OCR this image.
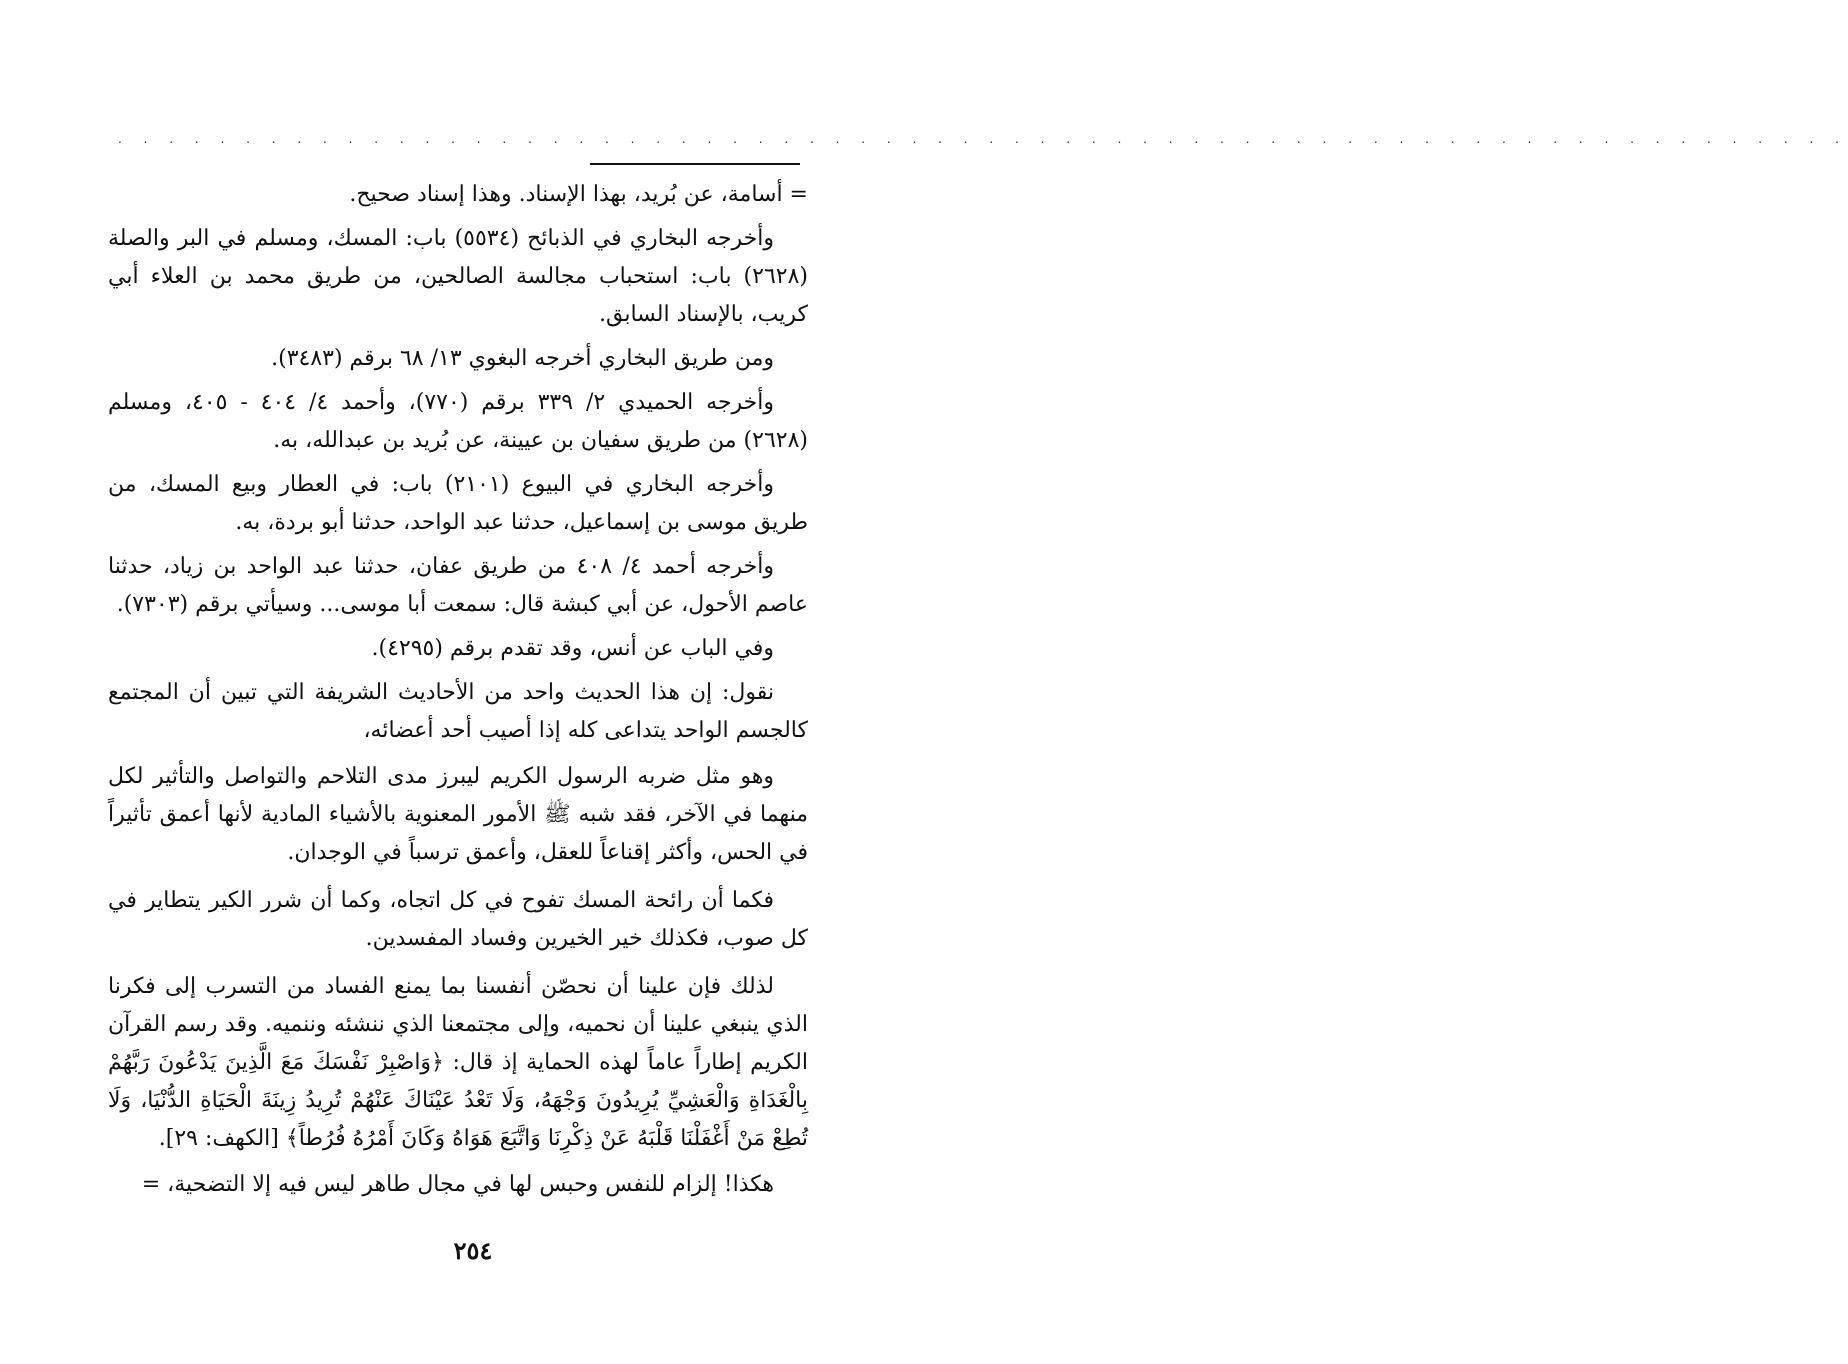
. . . . . . . . . . . . . . . . . . . . . . . . . . . . . . . . . . . . . . . . . . . . . . . . . . . . . . . . . . . . . . . . . . . .

= أسامة، عن بُريد، بهذا الإسناد. وهذا إسناد صحيح.

وأخرجه البخاري في الذبائح (٥٥٣٤) باب: المسك، ومسلم في البر والصلة (٢٦٢٨) باب: استحباب مجالسة الصالحين، من طريق محمد بن العلاء أبي كريب، بالإسناد السابق.

ومن طريق البخاري أخرجه البغوي ١٣/ ٦٨ برقم (٣٤٨٣).

وأخرجه الحميدي ٢/ ٣٣٩ برقم (٧٧٠)، وأحمد ٤/ ٤٠٤ - ٤٠٥، ومسلم (٢٦٢٨) من طريق سفيان بن عيينة، عن بُريد بن عبدالله، به.

وأخرجه البخاري في البيوع (٢١٠١) باب: في العطار وبيع المسك، من طريق موسى بن إسماعيل، حدثنا عبد الواحد، حدثنا أبو بردة، به.

وأخرجه أحمد ٤/ ٤٠٨ من طريق عفان، حدثنا عبد الواحد بن زياد، حدثنا عاصم الأحول، عن أبي كبشة قال: سمعت أبا موسى... وسيأتي برقم (٧٣٠٣).

وفي الباب عن أنس، وقد تقدم برقم (٤٢٩٥).

نقول: إن هذا الحديث واحد من الأحاديث الشريفة التي تبين أن المجتمع كالجسم الواحد يتداعى كله إذا أصيب أحد أعضائه،

وهو مثل ضربه الرسول الكريم ليبرز مدى التلاحم والتواصل والتأثير لكل منهما في الآخر، فقد شبه ﷺ الأمور المعنوية بالأشياء المادية لأنها أعمق تأثيراً في الحس، وأكثر إقناعاً للعقل، وأعمق ترسباً في الوجدان.

فكما أن رائحة المسك تفوح في كل اتجاه، وكما أن شرر الكير يتطاير في كل صوب، فكذلك خير الخيرين وفساد المفسدين.

لذلك فإن علينا أن نحصّن أنفسنا بما يمنع الفساد من التسرب إلى فكرنا الذي ينبغي علينا أن نحميه، وإلى مجتمعنا الذي ننشئه وننميه. وقد رسم القرآن الكريم إطاراً عاماً لهذه الحماية إذ قال: ﴿وَاصْبِرْ نَفْسَكَ مَعَ الَّذِينَ يَدْعُونَ رَبَّهُمْ بِالْغَدَاةِ وَالْعَشِيِّ يُرِيدُونَ وَجْهَهُ، وَلَا تَعْدُ عَيْنَاكَ عَنْهُمْ تُرِيدُ زِينَةَ الْحَيَاةِ الدُّنْيَا، وَلَا تُطِعْ مَنْ أَغْفَلْنَا قَلْبَهُ عَنْ ذِكْرِنَا وَاتَّبَعَ هَوَاهُ وَكَانَ أَمْرُهُ فُرُطاً﴾ [الكهف: ٢٩].

هكذا! إلزام للنفس وحبس لها في مجال طاهر ليس فيه إلا التضحية، =

٢٥٤
